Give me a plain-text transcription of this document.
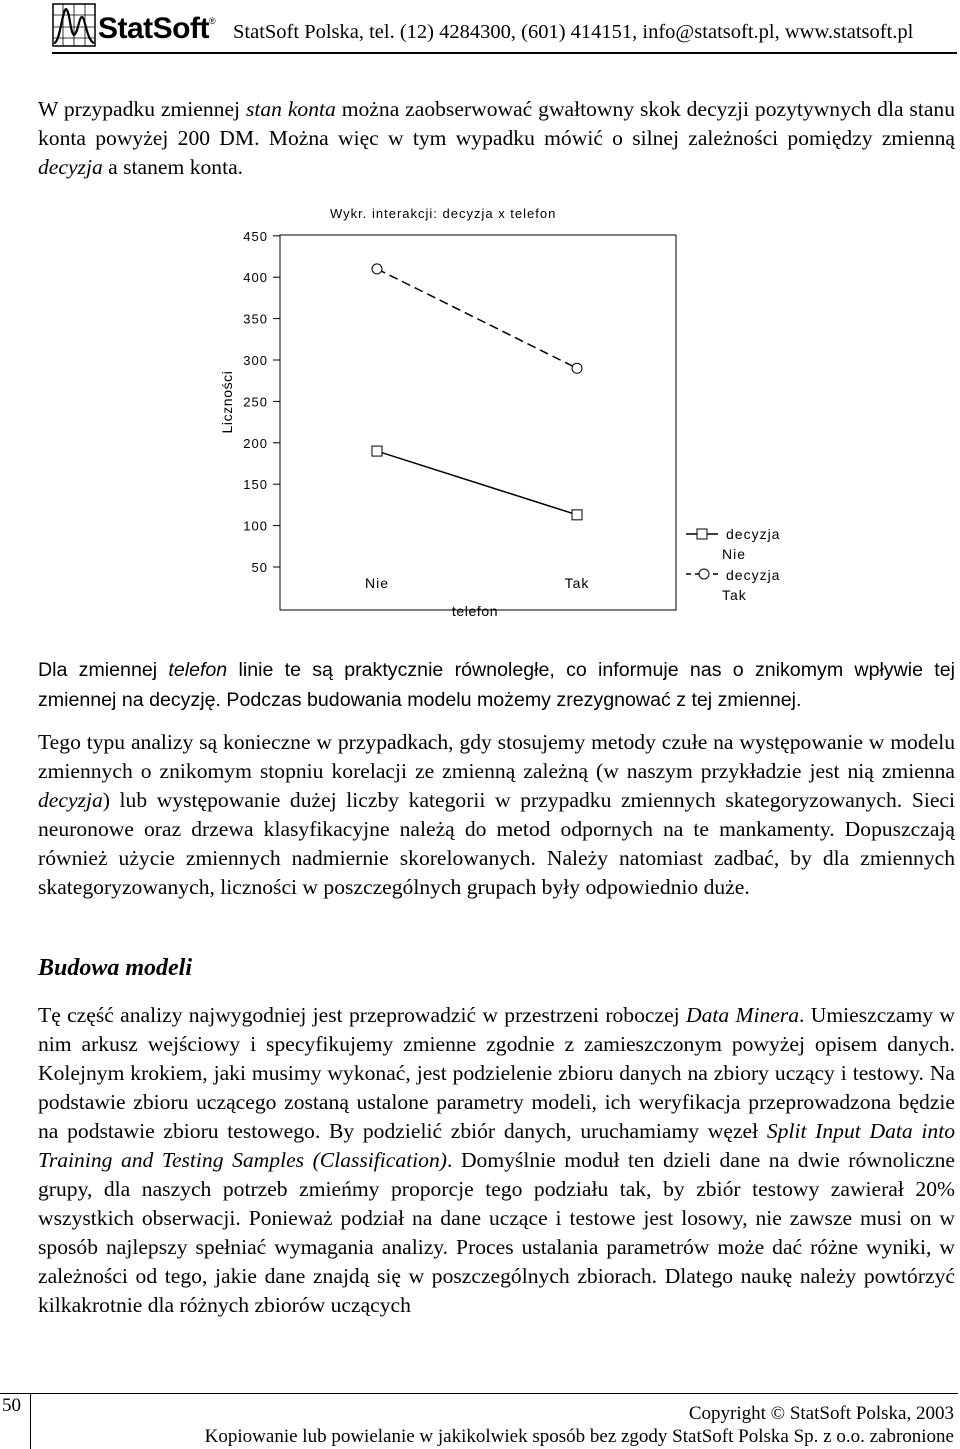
StatSoft® StatSoft Polska, tel. (12) 4284300, (601) 414151, info@statsoft.pl, www.statsoft.pl

W przypadku zmiennej stan konta można zaobserwować gwałtowny skok decyzji pozytywnych dla stanu konta powyżej 200 DM. Można więc w tym wypadku mówić o silnej zależności pomiędzy zmienną decyzja a stanem konta.

Wykr. interakcji: decyzja x telefon
50
100
150
200
250
300
350
400
450
Liczności
Nie	Tak
telefon
decyzja
Nie
decyzja
Tak

Dla zmiennej telefon linie te są praktycznie równoległe, co informuje nas o znikomym wpływie tej zmiennej na decyzję. Podczas budowania modelu możemy zrezygnować z tej zmiennej.

Tego typu analizy są konieczne w przypadkach, gdy stosujemy metody czułe na występowanie w modelu zmiennych o znikomym stopniu korelacji ze zmienną zależną (w naszym przykładzie jest nią zmienna decyzja) lub występowanie dużej liczby kategorii w przypadku zmiennych skategoryzowanych. Sieci neuronowe oraz drzewa klasyfikacyjne należą do metod odpornych na te mankamenty. Dopuszczają również użycie zmiennych nadmiernie skorelowanych. Należy natomiast zadbać, by dla zmiennych skategoryzowanych, liczności w poszczególnych grupach były odpowiednio duże.

Budowa modeli

Tę część analizy najwygodniej jest przeprowadzić w przestrzeni roboczej Data Minera. Umieszczamy w nim arkusz wejściowy i specyfikujemy zmienne zgodnie z zamieszczonym powyżej opisem danych. Kolejnym krokiem, jaki musimy wykonać, jest podzielenie zbioru danych na zbiory uczący i testowy. Na podstawie zbioru uczącego zostaną ustalone parametry modeli, ich weryfikacja przeprowadzona będzie na podstawie zbioru testowego. By podzielić zbiór danych, uruchamiamy węzeł Split Input Data into Training and Testing Samples (Classification). Domyślnie moduł ten dzieli dane na dwie równoliczne grupy, dla naszych potrzeb zmieńmy proporcje tego podziału tak, by zbiór testowy zawierał 20% wszystkich obserwacji. Ponieważ podział na dane uczące i testowe jest losowy, nie zawsze musi on w sposób najlepszy spełniać wymagania analizy. Proces ustalania parametrów może dać różne wyniki, w zależności od tego, jakie dane znajdą się w poszczególnych zbiorach. Dlatego naukę należy powtórzyć kilkakrotnie dla różnych zbiorów uczących

50	Copyright © StatSoft Polska, 2003
Kopiowanie lub powielanie w jakikolwiek sposób bez zgody StatSoft Polska Sp. z o.o. zabronione
